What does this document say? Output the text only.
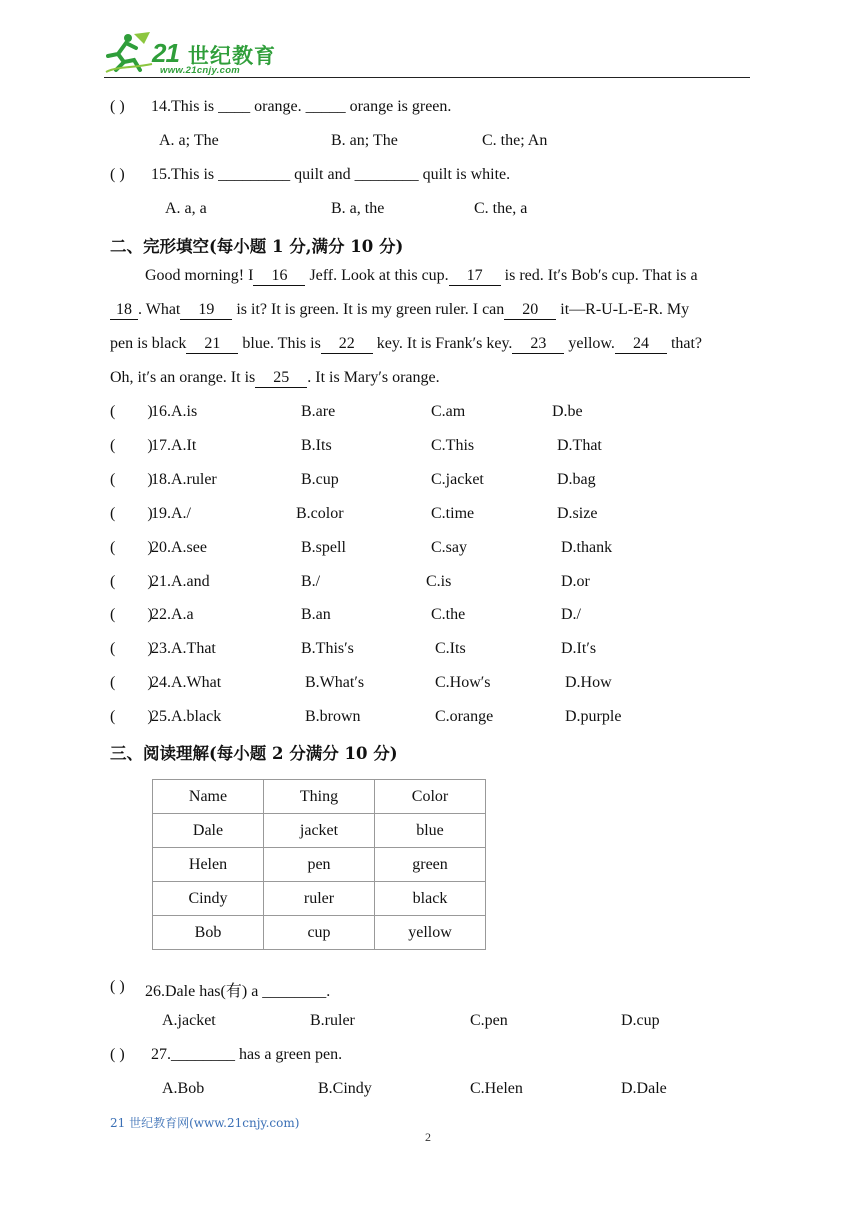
21 世纪教育
www.21cnjy.com
( ) 14.This is ____ orange. _____ orange is green.
A. a; The	B. an; The	C. the; An
( ) 15.This is _________ quilt and ________ quilt is white.
A. a, a	B. a, the	C. the, a
二、完形填空(每小题 1 分,满分 10 分)
Good morning! I 16 Jeff. Look at this cup. 17 is red. It′s Bob′s cup. That is a
18 . What 19 is it? It is green. It is my green ruler. I can 20 it—R-U-L-E-R. My
pen is black 21 blue. This is 22 key. It is Frank′s key. 23 yellow. 24 that?
Oh, it′s an orange. It is 25 . It is Mary′s orange.
(        )
16.A.is	B.are	C.am	D.be
(        )
17.A.It	B.Its	C.This	D.That
(        )
18.A.ruler	B.cup	C.jacket	D.bag
(        )
19.A./	B.color	C.time	D.size
(        )
20.A.see	B.spell	C.say	D.thank
(        )
21.A.and	B./	C.is	D.or
(        )
22.A.a	B.an	C.the	D./
(        )
23.A.That	B.This′s	C.Its	D.It′s
(        )
24.A.What	B.What′s	C.How′s	D.How
(        )
25.A.black	B.brown	C.orange	D.purple
三、阅读理解(每小题 2 分满分 10 分)
Name	Thing	Color
Dale	jacket	blue
Helen	pen	green
Cindy	ruler	black
Bob	cup	yellow
( ) 26.Dale has(有) a ________.
A.jacket	B.ruler	C.pen	D.cup
( ) 27.________ has a green pen.
A.Bob	B.Cindy	C.Helen	D.Dale
21 世纪教育网(www.21cnjy.com)
2
